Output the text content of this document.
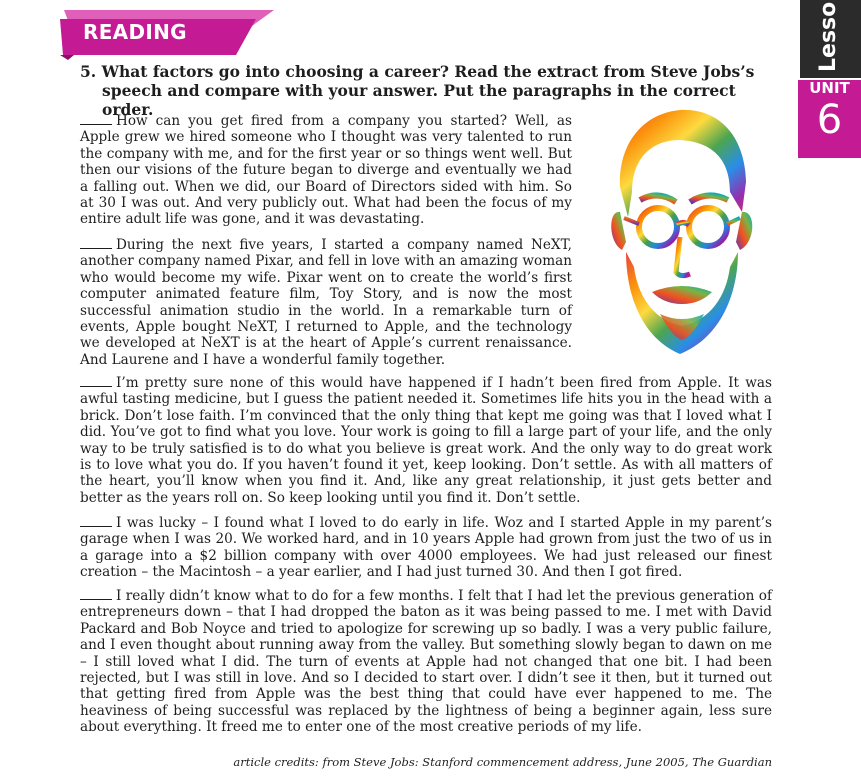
READING	Lesso
UNIT
6
5. What factors go into choosing a career? Read the extract from Steve Jobs’s speech and compare with your answer. Put the paragraphs in the correct order.

How can you get fired from a company you started? Well, as Apple grew we hired someone who I thought was very talented to run the company with me, and for the first year or so things went well. But then our visions of the future began to diverge and eventually we had a falling out. When we did, our Board of Directors sided with him. So at 30 I was out. And very publicly out. What had been the focus of my entire adult life was gone, and it was devastating.

During the next five years, I started a company named NeXT, another company named Pixar, and fell in love with an amazing woman who would become my wife. Pixar went on to create the world’s first computer animated feature film, Toy Story, and is now the most successful animation studio in the world. In a remarkable turn of events, Apple bought NeXT, I returned to Apple, and the technology we developed at NeXT is at the heart of Apple’s current renaissance. And Laurene and I have a wonderful family together.

I’m pretty sure none of this would have happened if I hadn’t been fired from Apple. It was awful tasting medicine, but I guess the patient needed it. Sometimes life hits you in the head with a brick. Don’t lose faith. I’m convinced that the only thing that kept me going was that I loved what I did. You’ve got to find what you love. Your work is going to fill a large part of your life, and the only way to be truly satisfied is to do what you believe is great work. And the only way to do great work is to love what you do. If you haven’t found it yet, keep looking. Don’t settle. As with all matters of the heart, you’ll know when you find it. And, like any great relationship, it just gets better and better as the years roll on. So keep looking until you find it. Don’t settle.

I was lucky – I found what I loved to do early in life. Woz and I started Apple in my parent’s garage when I was 20. We worked hard, and in 10 years Apple had grown from just the two of us in a garage into a $2 billion company with over 4000 employees. We had just released our finest creation – the Macintosh – a year earlier, and I had just turned 30. And then I got fired.

I really didn’t know what to do for a few months. I felt that I had let the previous generation of entrepreneurs down – that I had dropped the baton as it was being passed to me. I met with David Packard and Bob Noyce and tried to apologize for screwing up so badly. I was a very public failure, and I even thought about running away from the valley. But something slowly began to dawn on me – I still loved what I did. The turn of events at Apple had not changed that one bit. I had been rejected, but I was still in love. And so I decided to start over. I didn’t see it then, but it turned out that getting fired from Apple was the best thing that could have ever happened to me. The heaviness of being successful was replaced by the lightness of being a beginner again, less sure about everything. It freed me to enter one of the most creative periods of my life.

article credits: from Steve Jobs: Stanford commencement address, June 2005, The Guardian
